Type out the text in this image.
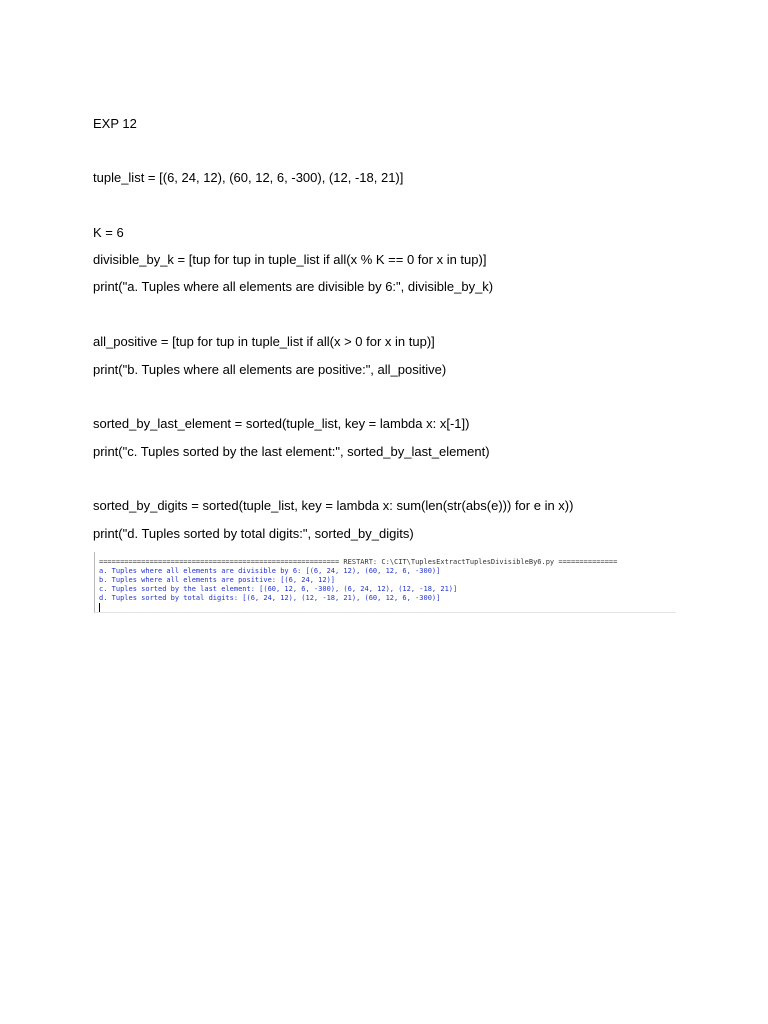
EXP 12
tuple_list = [(6, 24, 12), (60, 12, 6, -300), (12, -18, 21)]
K = 6
divisible_by_k = [tup for tup in tuple_list if all(x % K == 0 for x in tup)]
print("a. Tuples where all elements are divisible by 6:", divisible_by_k)
all_positive = [tup for tup in tuple_list if all(x > 0 for x in tup)]
print("b. Tuples where all elements are positive:", all_positive)
sorted_by_last_element = sorted(tuple_list, key = lambda x: x[-1])
print("c. Tuples sorted by the last element:", sorted_by_last_element)
sorted_by_digits = sorted(tuple_list, key = lambda x: sum(len(str(abs(e))) for e in x))
print("d. Tuples sorted by total digits:", sorted_by_digits)
========================================================= RESTART: C:\CIT\TuplesExtractTuplesDivisibleBy6.py ==============
a. Tuples where all elements are divisible by 6: [(6, 24, 12), (60, 12, 6, -300)]
b. Tuples where all elements are positive: [(6, 24, 12)]
c. Tuples sorted by the last element: [(60, 12, 6, -300), (6, 24, 12), (12, -18, 21)]
d. Tuples sorted by total digits: [(6, 24, 12), (12, -18, 21), (60, 12, 6, -300)]
